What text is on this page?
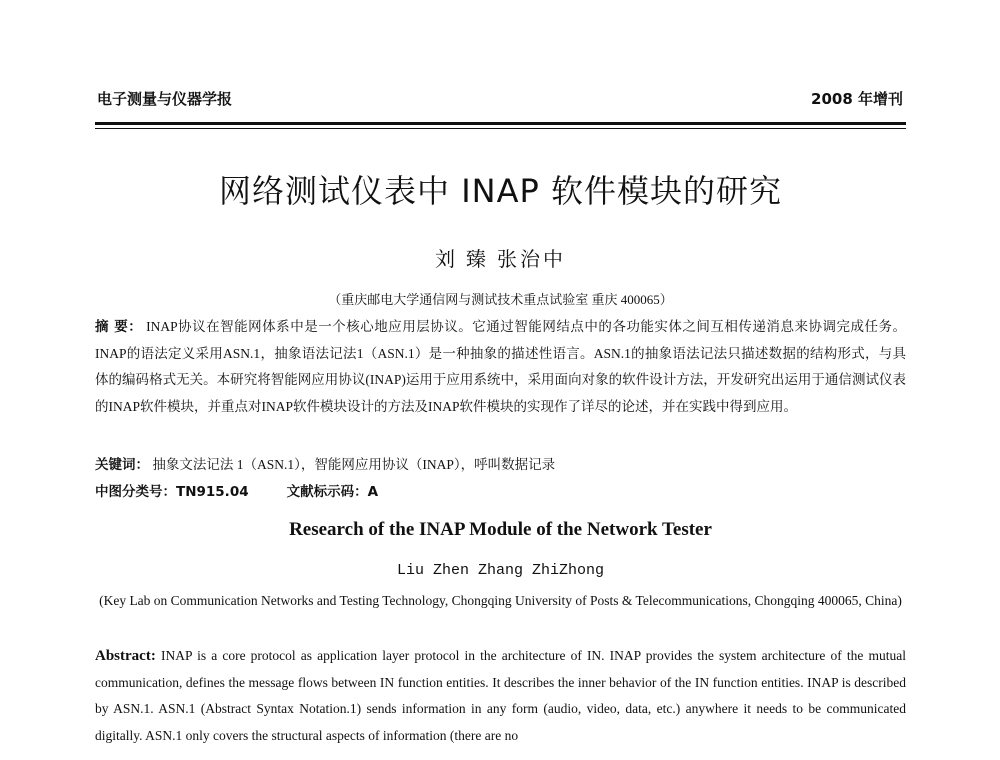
电子测量与仪器学报	2008 年增刊
网络测试仪表中 INAP 软件模块的研究
刘 臻 张治中
（重庆邮电大学通信网与测试技术重点试验室 重庆 400065）
摘 要： INAP协议在智能网体系中是一个核心地应用层协议。它通过智能网结点中的各功能实体之间互相传递消息来协调完成任务。INAP的语法定义采用ASN.1，抽象语法记法1（ASN.1）是一种抽象的描述性语言。ASN.1的抽象语法记法只描述数据的结构形式，与具体的编码格式无关。本研究将智能网应用协议(INAP)运用于应用系统中，采用面向对象的软件设计方法，开发研究出运用于通信测试仪表的INAP软件模块，并重点对INAP软件模块设计的方法及INAP软件模块的实现作了详尽的论述，并在实践中得到应用。
关键词： 抽象文法记法 1（ASN.1），智能网应用协议（INAP），呼叫数据记录
中图分类号：TN915.04	文献标示码：A
Research of the INAP Module of the Network Tester
Liu Zhen Zhang ZhiZhong
(Key Lab on Communication Networks and Testing Technology, Chongqing University of Posts & Telecommunications, Chongqing 400065, China)
Abstract: INAP is a core protocol as application layer protocol in the architecture of IN. INAP provides the system architecture of the mutual communication, defines the message flows between IN function entities. It describes the inner behavior of the IN function entities. INAP is described by ASN.1. ASN.1 (Abstract Syntax Notation.1) sends information in any form (audio, video, data, etc.) anywhere it needs to be communicated digitally. ASN.1 only covers the structural aspects of information (there are no
